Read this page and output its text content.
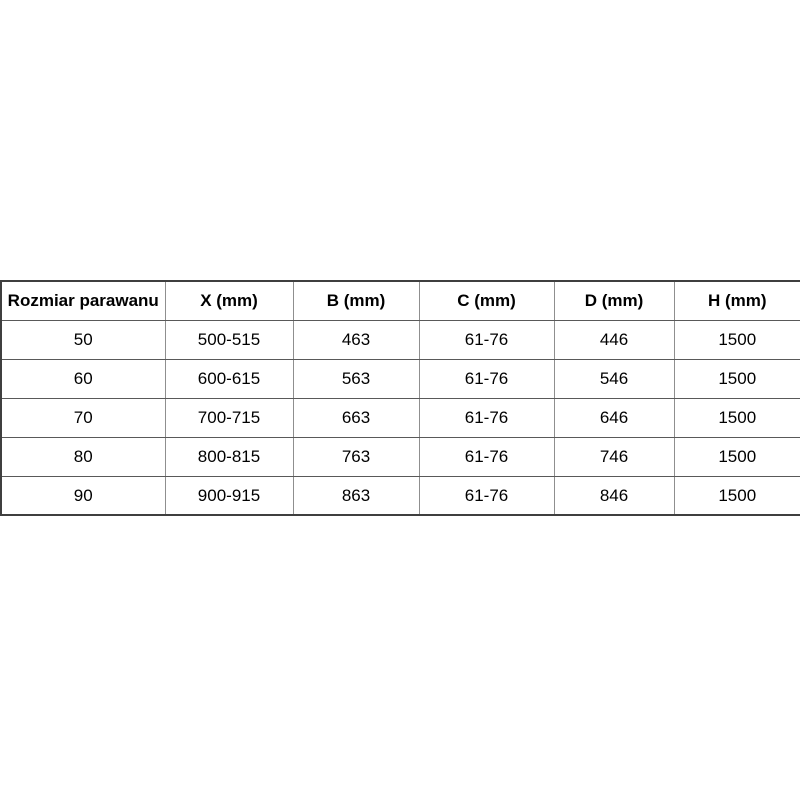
Rozmiar parawanu	X (mm)	B (mm)	C (mm)	D (mm)	H (mm)
50	500-515	463	61-76	446	1500
60	600-615	563	61-76	546	1500
70	700-715	663	61-76	646	1500
80	800-815	763	61-76	746	1500
90	900-915	863	61-76	846	1500
